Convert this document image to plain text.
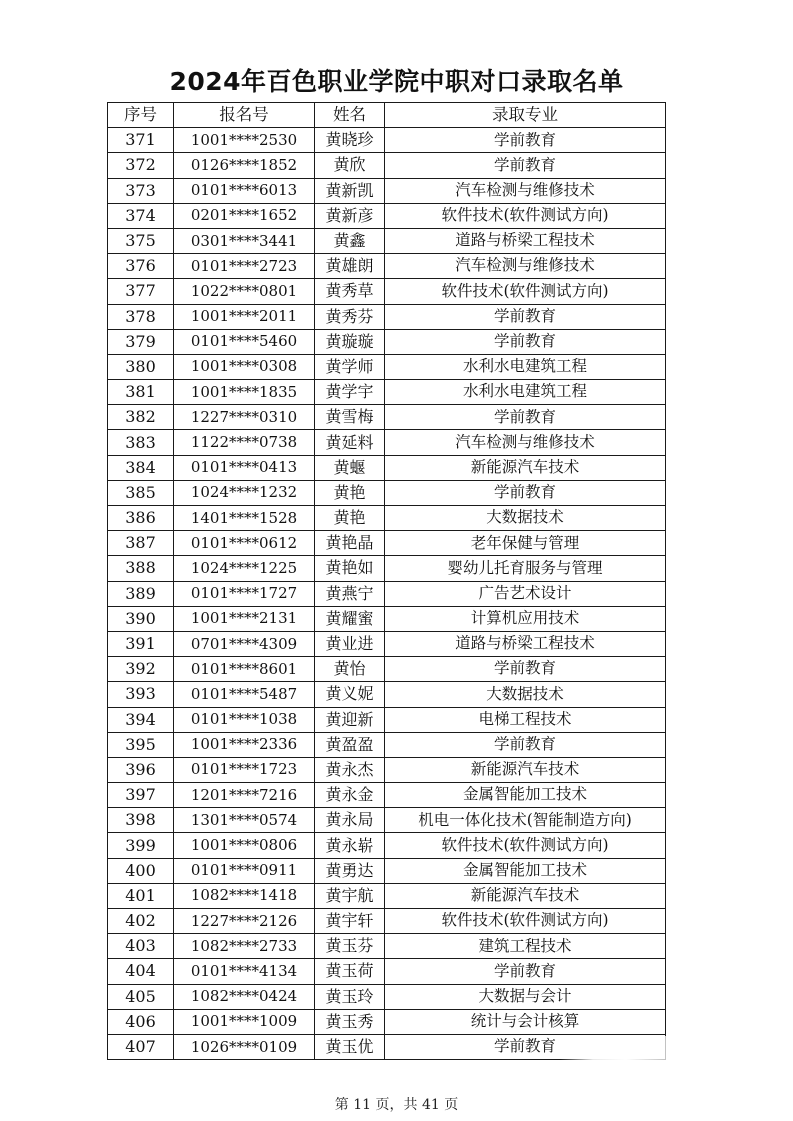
2024年百色职业学院中职对口录取名单
序号	报名号	姓名	录取专业
371	1001****2530	黄晓珍	学前教育
372	0126****1852	黄欣	学前教育
373	0101****6013	黄新凯	汽车检测与维修技术
374	0201****1652	黄新彦	软件技术(软件测试方向)
375	0301****3441	黄鑫	道路与桥梁工程技术
376	0101****2723	黄雄朗	汽车检测与维修技术
377	1022****0801	黄秀草	软件技术(软件测试方向)
378	1001****2011	黄秀芬	学前教育
379	0101****5460	黄璇璇	学前教育
380	1001****0308	黄学师	水利水电建筑工程
381	1001****1835	黄学宇	水利水电建筑工程
382	1227****0310	黄雪梅	学前教育
383	1122****0738	黄延料	汽车检测与维修技术
384	0101****0413	黄蝘	新能源汽车技术
385	1024****1232	黄艳	学前教育
386	1401****1528	黄艳	大数据技术
387	0101****0612	黄艳晶	老年保健与管理
388	1024****1225	黄艳如	婴幼儿托育服务与管理
389	0101****1727	黄燕宁	广告艺术设计
390	1001****2131	黄耀蜜	计算机应用技术
391	0701****4309	黄业进	道路与桥梁工程技术
392	0101****8601	黄怡	学前教育
393	0101****5487	黄义妮	大数据技术
394	0101****1038	黄迎新	电梯工程技术
395	1001****2336	黄盈盈	学前教育
396	0101****1723	黄永杰	新能源汽车技术
397	1201****7216	黄永金	金属智能加工技术
398	1301****0574	黄永局	机电一体化技术(智能制造方向)
399	1001****0806	黄永崭	软件技术(软件测试方向)
400	0101****0911	黄勇达	金属智能加工技术
401	1082****1418	黄宇航	新能源汽车技术
402	1227****2126	黄宇轩	软件技术(软件测试方向)
403	1082****2733	黄玉芬	建筑工程技术
404	0101****4134	黄玉荷	学前教育
405	1082****0424	黄玉玲	大数据与会计
406	1001****1009	黄玉秀	统计与会计核算
407	1026****0109	黄玉优	学前教育
第 11 页，共 41 页
